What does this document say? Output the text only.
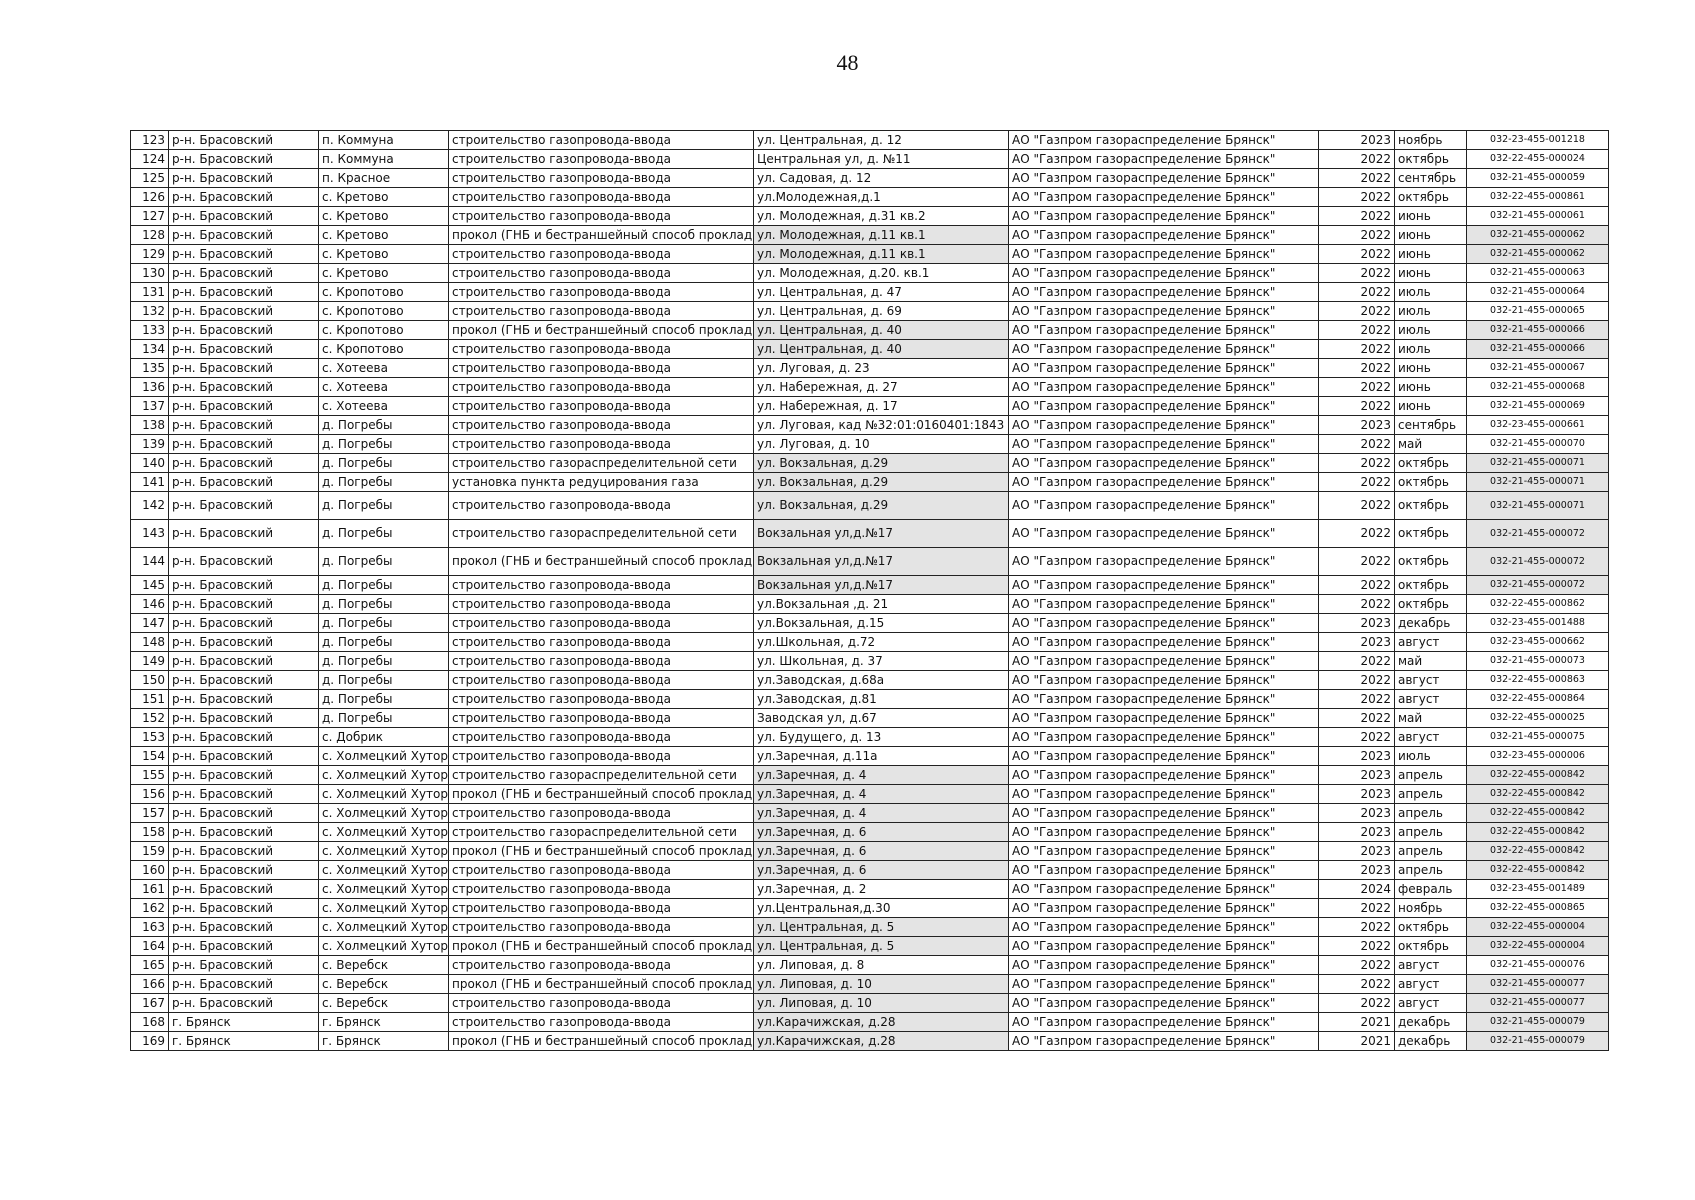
48
123	р-н. Брасовский	п. Коммуна	строительство газопровода-ввода	ул. Центральная, д. 12	АО "Газпром газораспределение Брянск"	2023	ноябрь	032-23-455-001218
124	р-н. Брасовский	п. Коммуна	строительство газопровода-ввода	Центральная ул, д. №11	АО "Газпром газораспределение Брянск"	2022	октябрь	032-22-455-000024
125	р-н. Брасовский	п. Красное	строительство газопровода-ввода	ул. Садовая, д. 12	АО "Газпром газораспределение Брянск"	2022	сентябрь	032-21-455-000059
126	р-н. Брасовский	с. Кретово	строительство газопровода-ввода	ул.Молодежная,д.1	АО "Газпром газораспределение Брянск"	2022	октябрь	032-22-455-000861
127	р-н. Брасовский	с. Кретово	строительство газопровода-ввода	ул. Молодежная, д.31 кв.2	АО "Газпром газораспределение Брянск"	2022	июнь	032-21-455-000061
128	р-н. Брасовский	с. Кретово	прокол (ГНБ и бестраншейный способ проклад	ул. Молодежная, д.11 кв.1	АО "Газпром газораспределение Брянск"	2022	июнь	032-21-455-000062
129	р-н. Брасовский	с. Кретово	строительство газопровода-ввода	ул. Молодежная, д.11 кв.1	АО "Газпром газораспределение Брянск"	2022	июнь	032-21-455-000062
130	р-н. Брасовский	с. Кретово	строительство газопровода-ввода	ул. Молодежная, д.20. кв.1	АО "Газпром газораспределение Брянск"	2022	июнь	032-21-455-000063
131	р-н. Брасовский	с. Кропотово	строительство газопровода-ввода	ул. Центральная, д. 47	АО "Газпром газораспределение Брянск"	2022	июль	032-21-455-000064
132	р-н. Брасовский	с. Кропотово	строительство газопровода-ввода	ул. Центральная, д. 69	АО "Газпром газораспределение Брянск"	2022	июль	032-21-455-000065
133	р-н. Брасовский	с. Кропотово	прокол (ГНБ и бестраншейный способ проклад	ул. Центральная, д. 40	АО "Газпром газораспределение Брянск"	2022	июль	032-21-455-000066
134	р-н. Брасовский	с. Кропотово	строительство газопровода-ввода	ул. Центральная, д. 40	АО "Газпром газораспределение Брянск"	2022	июль	032-21-455-000066
135	р-н. Брасовский	с. Хотеева	строительство газопровода-ввода	ул. Луговая, д. 23	АО "Газпром газораспределение Брянск"	2022	июнь	032-21-455-000067
136	р-н. Брасовский	с. Хотеева	строительство газопровода-ввода	ул. Набережная, д. 27	АО "Газпром газораспределение Брянск"	2022	июнь	032-21-455-000068
137	р-н. Брасовский	с. Хотеева	строительство газопровода-ввода	ул. Набережная, д. 17	АО "Газпром газораспределение Брянск"	2022	июнь	032-21-455-000069
138	р-н. Брасовский	д. Погребы	строительство газопровода-ввода	ул. Луговая, кад №32:01:0160401:1843	АО "Газпром газораспределение Брянск"	2023	сентябрь	032-23-455-000661
139	р-н. Брасовский	д. Погребы	строительство газопровода-ввода	ул. Луговая, д. 10	АО "Газпром газораспределение Брянск"	2022	май	032-21-455-000070
140	р-н. Брасовский	д. Погребы	строительство газораспределительной сети	ул. Вокзальная, д.29	АО "Газпром газораспределение Брянск"	2022	октябрь	032-21-455-000071
141	р-н. Брасовский	д. Погребы	установка пункта редуцирования газа	ул. Вокзальная, д.29	АО "Газпром газораспределение Брянск"	2022	октябрь	032-21-455-000071
142	р-н. Брасовский	д. Погребы	строительство газопровода-ввода	ул. Вокзальная, д.29	АО "Газпром газораспределение Брянск"	2022	октябрь	032-21-455-000071
143	р-н. Брасовский	д. Погребы	строительство газораспределительной сети	Вокзальная ул,д.№17	АО "Газпром газораспределение Брянск"	2022	октябрь	032-21-455-000072
144	р-н. Брасовский	д. Погребы	прокол (ГНБ и бестраншейный способ проклад	Вокзальная ул,д.№17	АО "Газпром газораспределение Брянск"	2022	октябрь	032-21-455-000072
145	р-н. Брасовский	д. Погребы	строительство газопровода-ввода	Вокзальная ул,д.№17	АО "Газпром газораспределение Брянск"	2022	октябрь	032-21-455-000072
146	р-н. Брасовский	д. Погребы	строительство газопровода-ввода	ул.Вокзальная ,д. 21	АО "Газпром газораспределение Брянск"	2022	октябрь	032-22-455-000862
147	р-н. Брасовский	д. Погребы	строительство газопровода-ввода	ул.Вокзальная, д.15	АО "Газпром газораспределение Брянск"	2023	декабрь	032-23-455-001488
148	р-н. Брасовский	д. Погребы	строительство газопровода-ввода	ул.Школьная, д.72	АО "Газпром газораспределение Брянск"	2023	август	032-23-455-000662
149	р-н. Брасовский	д. Погребы	строительство газопровода-ввода	ул. Школьная, д. 37	АО "Газпром газораспределение Брянск"	2022	май	032-21-455-000073
150	р-н. Брасовский	д. Погребы	строительство газопровода-ввода	ул.Заводская, д.68а	АО "Газпром газораспределение Брянск"	2022	август	032-22-455-000863
151	р-н. Брасовский	д. Погребы	строительство газопровода-ввода	ул.Заводская, д.81	АО "Газпром газораспределение Брянск"	2022	август	032-22-455-000864
152	р-н. Брасовский	д. Погребы	строительство газопровода-ввода	Заводская ул, д.67	АО "Газпром газораспределение Брянск"	2022	май	032-22-455-000025
153	р-н. Брасовский	с. Добрик	строительство газопровода-ввода	ул. Будущего, д. 13	АО "Газпром газораспределение Брянск"	2022	август	032-21-455-000075
154	р-н. Брасовский	с. Холмецкий Хутор	строительство газопровода-ввода	ул.Заречная, д.11а	АО "Газпром газораспределение Брянск"	2023	июль	032-23-455-000006
155	р-н. Брасовский	с. Холмецкий Хутор	строительство газораспределительной сети	ул.Заречная, д. 4	АО "Газпром газораспределение Брянск"	2023	апрель	032-22-455-000842
156	р-н. Брасовский	с. Холмецкий Хутор	прокол (ГНБ и бестраншейный способ проклад	ул.Заречная, д. 4	АО "Газпром газораспределение Брянск"	2023	апрель	032-22-455-000842
157	р-н. Брасовский	с. Холмецкий Хутор	строительство газопровода-ввода	ул.Заречная, д. 4	АО "Газпром газораспределение Брянск"	2023	апрель	032-22-455-000842
158	р-н. Брасовский	с. Холмецкий Хутор	строительство газораспределительной сети	ул.Заречная, д. 6	АО "Газпром газораспределение Брянск"	2023	апрель	032-22-455-000842
159	р-н. Брасовский	с. Холмецкий Хутор	прокол (ГНБ и бестраншейный способ проклад	ул.Заречная, д. 6	АО "Газпром газораспределение Брянск"	2023	апрель	032-22-455-000842
160	р-н. Брасовский	с. Холмецкий Хутор	строительство газопровода-ввода	ул.Заречная, д. 6	АО "Газпром газораспределение Брянск"	2023	апрель	032-22-455-000842
161	р-н. Брасовский	с. Холмецкий Хутор	строительство газопровода-ввода	ул.Заречная, д. 2	АО "Газпром газораспределение Брянск"	2024	февраль	032-23-455-001489
162	р-н. Брасовский	с. Холмецкий Хутор	строительство газопровода-ввода	ул.Центральная,д.30	АО "Газпром газораспределение Брянск"	2022	ноябрь	032-22-455-000865
163	р-н. Брасовский	с. Холмецкий Хутор	строительство газопровода-ввода	ул. Центральная, д. 5	АО "Газпром газораспределение Брянск"	2022	октябрь	032-22-455-000004
164	р-н. Брасовский	с. Холмецкий Хутор	прокол (ГНБ и бестраншейный способ проклад	ул. Центральная, д. 5	АО "Газпром газораспределение Брянск"	2022	октябрь	032-22-455-000004
165	р-н. Брасовский	с. Веребск	строительство газопровода-ввода	ул. Липовая, д. 8	АО "Газпром газораспределение Брянск"	2022	август	032-21-455-000076
166	р-н. Брасовский	с. Веребск	прокол (ГНБ и бестраншейный способ проклад	ул. Липовая, д. 10	АО "Газпром газораспределение Брянск"	2022	август	032-21-455-000077
167	р-н. Брасовский	с. Веребск	строительство газопровода-ввода	ул. Липовая, д. 10	АО "Газпром газораспределение Брянск"	2022	август	032-21-455-000077
168	г. Брянск	г. Брянск	строительство газопровода-ввода	ул.Карачижская, д.28	АО "Газпром газораспределение Брянск"	2021	декабрь	032-21-455-000079
169	г. Брянск	г. Брянск	прокол (ГНБ и бестраншейный способ проклад	ул.Карачижская, д.28	АО "Газпром газораспределение Брянск"	2021	декабрь	032-21-455-000079
